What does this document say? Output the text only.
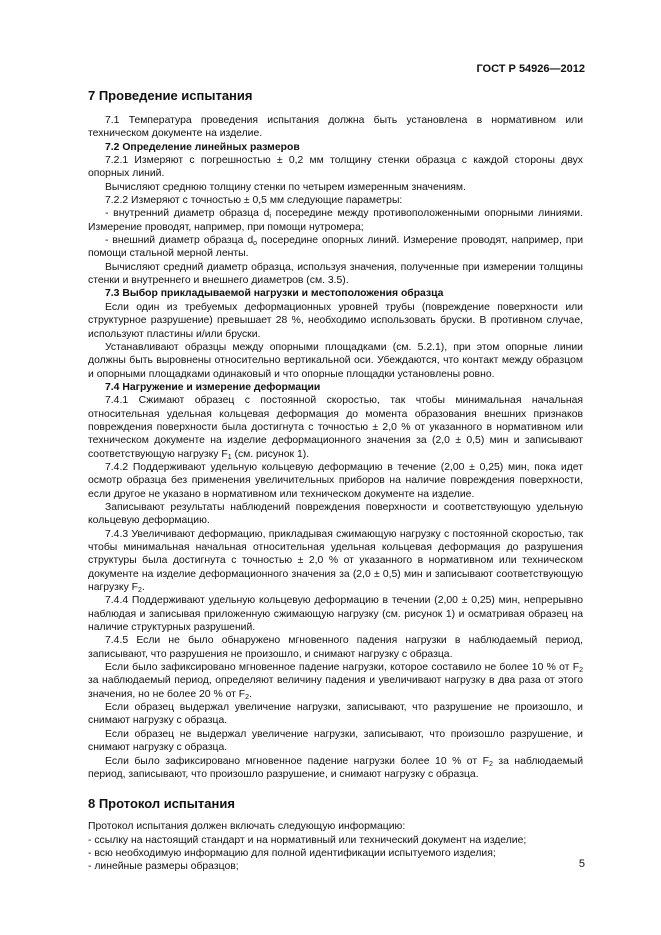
ГОСТ Р 54926—2012
7 Проведение испытания

7.1 Температура проведения испытания должна быть установлена в нормативном или техническом документе на изделие.

7.2 Определение линейных размеров

7.2.1 Измеряют с погрешностью ± 0,2 мм толщину стенки образца с каждой стороны двух опорных линий.

Вычисляют среднюю толщину стенки по четырем измеренным значениям.

7.2.2 Измеряют с точностью ± 0,5 мм следующие параметры:

- внутренний диаметр образца $d_i$ посередине между противоположенными опорными линиями. Измерение проводят, например, при помощи нутромера;

- внешний диаметр образца $d_o$ посередине опорных линий. Измерение проводят, например, при помощи стальной мерной ленты.

Вычисляют средний диаметр образца, используя значения, полученные при измерении толщины стенки и внутреннего и внешнего диаметров (см. 3.5).

7.3 Выбор прикладываемой нагрузки и местоположения образца

Если один из требуемых деформационных уровней трубы (повреждение поверхности или структурное разрушение) превышает 28 %, необходимо использовать бруски. В противном случае, используют пластины и/или бруски.

Устанавливают образцы между опорными площадками (см. 5.2.1), при этом опорные линии должны быть выровнены относительно вертикальной оси. Убеждаются, что контакт между образцом и опорными площадками одинаковый и что опорные площадки установлены ровно.

7.4 Нагружение и измерение деформации

7.4.1 Сжимают образец с постоянной скоростью, так чтобы минимальная начальная относительная удельная кольцевая деформация до момента образования внешних признаков повреждения поверхности была достигнута с точностью ± 2,0 % от указанного в нормативном или техническом документе на изделие деформационного значения за (2,0 ± 0,5) мин и записывают соответствующую нагрузку $F_1$ (см. рисунок 1).

7.4.2 Поддерживают удельную кольцевую деформацию в течение (2,00 ± 0,25) мин, пока идет осмотр образца без применения увеличительных приборов на наличие повреждения поверхности, если другое не указано в нормативном или техническом документе на изделие.

Записывают результаты наблюдений повреждения поверхности и соответствующую удельную кольцевую деформацию.

7.4.3 Увеличивают деформацию, прикладывая сжимающую нагрузку с постоянной скоростью, так чтобы минимальная начальная относительная удельная кольцевая деформация до разрушения структуры была достигнута с точностью ± 2,0 % от указанного в нормативном или техническом документе на изделие деформационного значения за (2,0 ± 0,5) мин и записывают соответствующую нагрузку $F_2$.

7.4.4 Поддерживают удельную кольцевую деформацию в течении (2,00 ± 0,25) мин, непрерывно наблюдая и записывая приложенную сжимающую нагрузку (см. рисунок 1) и осматривая образец на наличие структурных разрушений.

7.4.5 Если не было обнаружено мгновенного падения нагрузки в наблюдаемый период, записывают, что разрушения не произошло, и снимают нагрузку с образца.

Если было зафиксировано мгновенное падение нагрузки, которое составило не более 10 % от $F_2$ за наблюдаемый период, определяют величину падения и увеличивают нагрузку в два раза от этого значения, но не более 20 % от $F_2$.

Если образец выдержал увеличение нагрузки, записывают, что разрушение не произошло, и снимают нагрузку с образца.

Если образец не выдержал увеличение нагрузки, записывают, что произошло разрушение, и снимают нагрузку с образца.

Если было зафиксировано мгновенное падение нагрузки более 10 % от $F_2$ за наблюдаемый период, записывают, что произошло разрушение, и снимают нагрузку с образца.

8 Протокол испытания

Протокол испытания должен включать следующую информацию:

- ссылку на настоящий стандарт и на нормативный или технический документ на изделие;

- всю необходимую информацию для полной идентификации испытуемого изделия;

- линейные размеры образцов;	5
